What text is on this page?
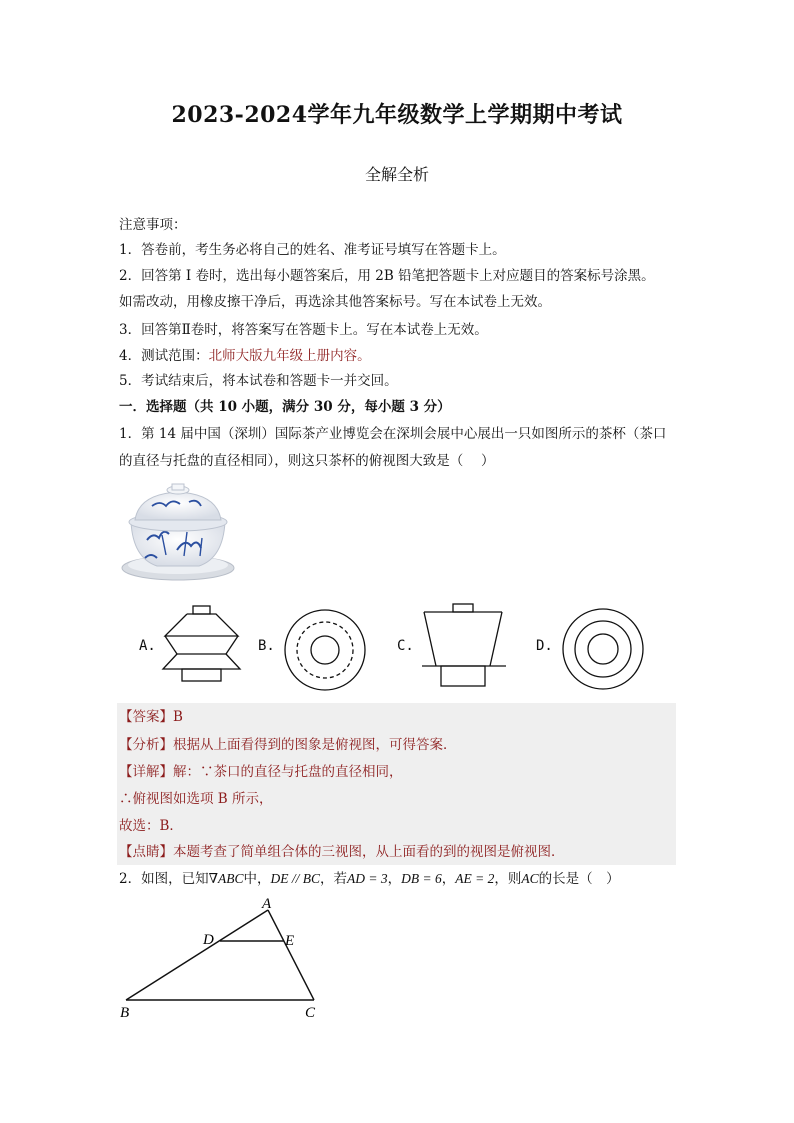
2023-2024学年九年级数学上学期期中考试
全解全析
注意事项：
1．答卷前，考生务必将自己的姓名、准考证号填写在答题卡上。
2．回答第 I 卷时，选出每小题答案后，用 2B 铅笔把答题卡上对应题目的答案标号涂黑。
如需改动，用橡皮擦干净后，再选涂其他答案标号。写在本试卷上无效。
3．回答第Ⅱ卷时，将答案写在答题卡上。写在本试卷上无效。
4．测试范围：北师大版九年级上册内容。
5．考试结束后，将本试卷和答题卡一并交回。
一．选择题（共 10 小题，满分 30 分，每小题 3 分）
1．第 14 届中国（深圳）国际茶产业博览会在深圳会展中心展出一只如图所示的茶杯（茶口
的直径与托盘的直径相同），则这只茶杯的俯视图大致是（　 ）
A.	B.	C.	D.
【答案】B
【分析】根据从上面看得到的图象是俯视图，可得答案．
【详解】解：∵茶口的直径与托盘的直径相同，
∴俯视图如选项 B 所示，
故选：B．
【点睛】本题考查了简单组合体的三视图，从上面看的到的视图是俯视图．
2．如图，已知∇ABC中，DE // BC，若AD = 3，DB = 6，AE = 2，则AC的长是（　）
A
D	E
B	C
